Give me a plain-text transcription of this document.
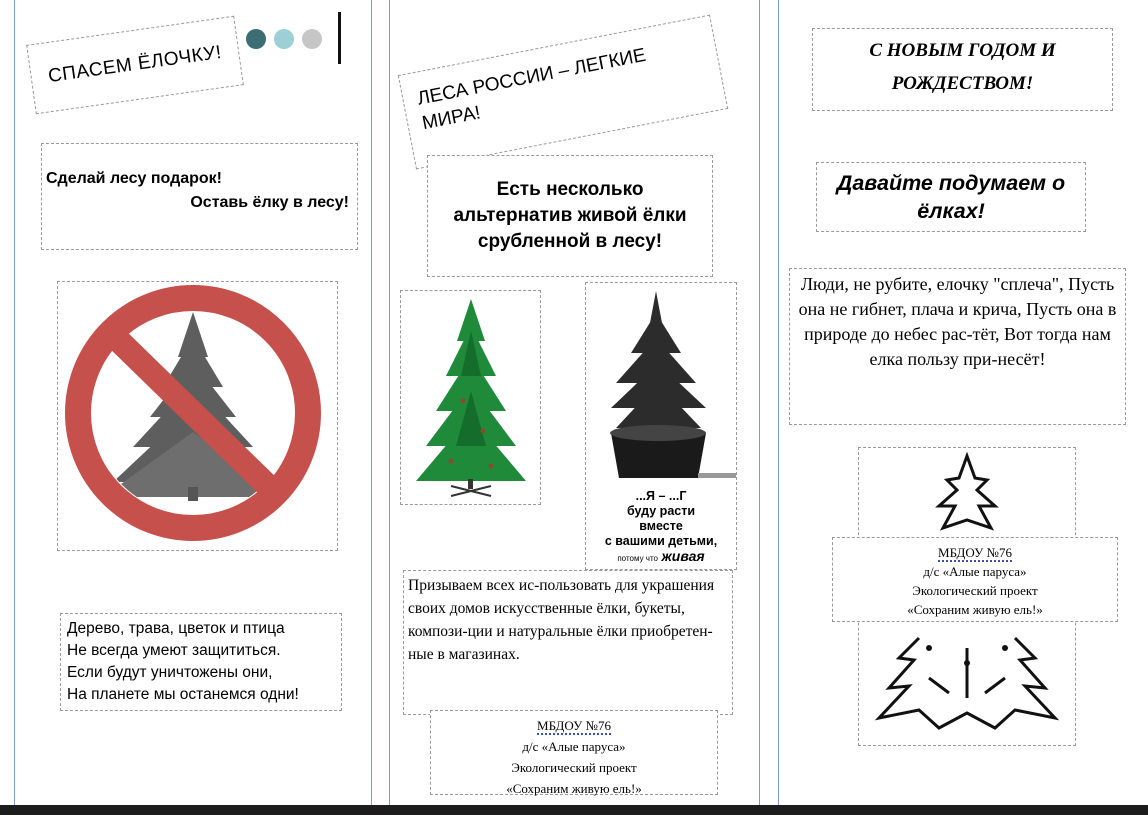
СПАСЕМ ЁЛОЧКУ!
Сделай лесу подарок!
Оставь ёлку в лесу!
Дерево, трава, цветок и птица
Не всегда умеют защититься.
Если будут уничтожены они,
На планете мы останемся одни!
ЛЕСА РОССИИ – ЛЕГКИЕ
МИРА!
Есть несколько альтернатив живой ёлки срубленной в лесу!
...Я – ...Г
буду расти
вместе
с вашими детьми,
потому что живая
Призываем всех ис-пользовать для украшения своих домов искусственные ёлки, букеты, компози-ции и натуральные ёлки приобретен-ные в магазинах.
МБДОУ №76
д/с «Алые паруса»
Экологический проект
«Сохраним живую ель!»
С НОВЫМ ГОДОМ И
РОЖДЕСТВОМ!
Давайте подумаем о ёлках!
Люди, не рубите, елочку "сплеча", Пусть она не гибнет, плача и крича, Пусть она в природе до небес рас-тёт, Вот тогда нам елка пользу при-несёт!
МБДОУ №76
д/с «Алые паруса»
Экологический проект
«Сохраним живую ель!»
